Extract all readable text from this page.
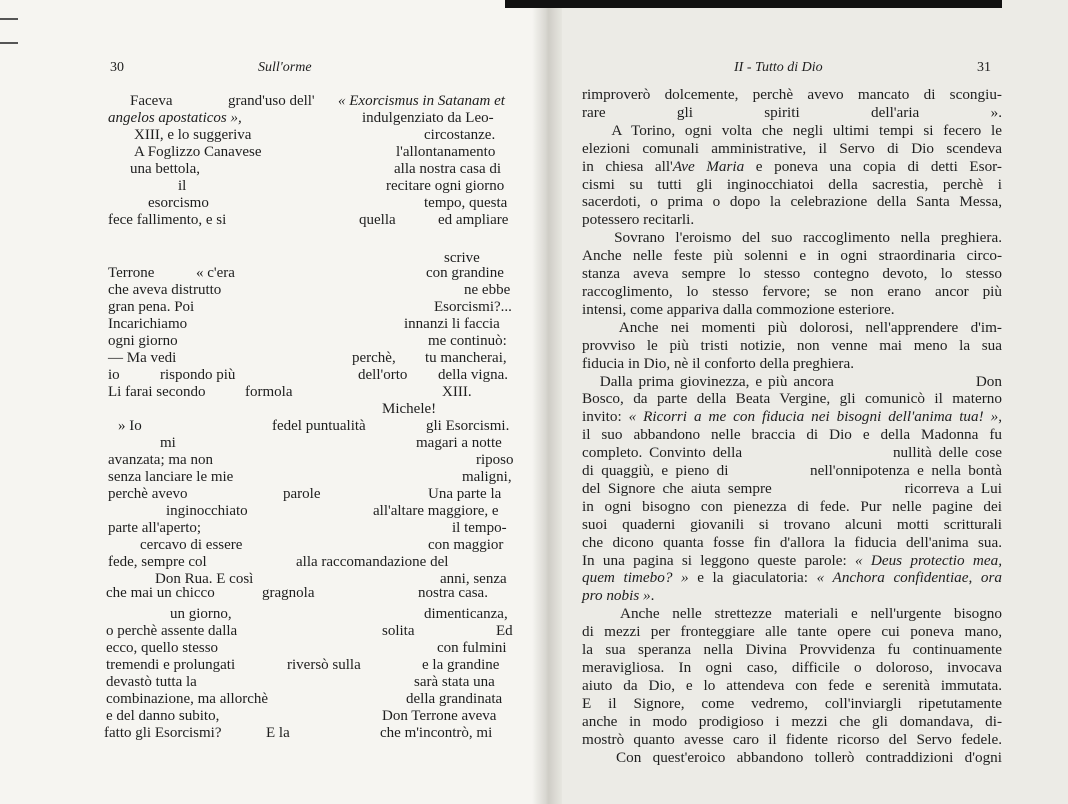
30	Sull'orme	II - Tutto di Dio	31
Faceva	grand'uso dell' « Exorcismus in Satanam et
angelos apostaticos »,	indulgenziato da Leo-
XIII, e lo suggeriva	circostanze.
A Foglizzo Canavese	l'allontanamento
una bettola,	alla nostra casa di
il	recitare ogni giorno
esorcismo	tempo, questa
fece fallimento, e si	quella	ed ampliare
scrive
Terrone	« c'era	con grandine
che aveva distrutto	ne ebbe
gran pena. Poi	Esorcismi?...
Incarichiamo	innanzi li faccia
ogni giorno	me continuò:
— Ma vedi	perchè, tu mancherai,
io	rispondo più	dell'orto della vigna.
Li farai secondo	formola	XIII.
Michele!
» Io	fedel puntualità	gli Esorcismi.
mi	magari a notte
avanzata; ma non	riposo
senza lanciare le mie	maligni,
perchè avevo	parole	Una parte la
inginocchiato	all'altare maggiore, e
parte all'aperto;	il tempo-
cercavo di essere	con maggior
fede, sempre col	alla raccomandazione del
Don Rua. E così	anni, senza
che mai un chicco	gragnola	nostra casa.
un giorno,	dimenticanza,
o perchè assente dalla	solita	Ed
ecco, quello stesso	con fulmini
tremendi e prolungati	riversò sulla	e la grandine
devastò tutta la	sarà stata una
combinazione, ma allorchè	della grandinata
e del danno subito,	Don Terrone aveva
fatto gli Esorcismi?	E la	che m'incontrò, mi
rimproverò dolcemente, perchè avevo mancato di scongiu-
rare gli spiriti dell'aria ».
A Torino, ogni volta che negli ultimi tempi si fecero le
elezioni comunali amministrative, il Servo di Dio scendeva
in chiesa all'Ave Maria e poneva una copia di detti Esor-
cismi su tutti gli inginocchiatoi della sacrestia, perchè i
sacerdoti, o prima o dopo la celebrazione della Santa Messa,
potessero recitarli.
Sovrano l'eroismo del suo raccoglimento nella preghiera.
Anche nelle feste più solenni e in ogni straordinaria circo-
stanza aveva sempre lo stesso contegno devoto, lo stesso
raccoglimento, lo stesso fervore; se non erano ancor più
intensi, come appariva dalla commozione esteriore.
Anche nei momenti più dolorosi, nell'apprendere d'im-
provviso le più tristi notizie, non venne mai meno la sua
fiducia in Dio, nè il conforto della preghiera.
Dalla prima giovinezza, e più ancora                        Don
Bosco, da parte della Beata Vergine, gli comunicò il materno
invito: « Ricorri a me con fiducia nei bisogni dell'anima tua! »,
il suo abbandono nelle braccia di Dio e della Madonna fu
completo. Convinto della                      nullità delle cose
di quaggiù, e pieno di           nell'onnipotenza e nella bontà
del Signore che aiuta sempre                  ricorreva a Lui
in ogni bisogno con pienezza di fede. Pur nelle pagine dei
suoi quaderni giovanili si trovano alcuni motti scritturali
che dicono quanta fosse fin d'allora la fiducia dell'anima sua.
In una pagina si leggono queste parole: « Deus protectio mea,
quem timebo? » e la giaculatoria: « Anchora confidentiae, ora
pro nobis ».
Anche nelle strettezze materiali e nell'urgente bisogno
di mezzi per fronteggiare alle tante opere cui poneva mano,
la sua speranza nella Divina Provvidenza fu continuamente
meravigliosa. In ogni caso, difficile o doloroso, invocava
aiuto da Dio, e lo attendeva con fede e serenità immutata.
E il Signore, come vedremo, coll'inviargli ripetutamente
anche in modo prodigioso i mezzi che gli domandava, di-
mostrò quanto avesse caro il fidente ricorso del Servo fedele.
Con quest'eroico abbandono tollerò contraddizioni d'ogni
